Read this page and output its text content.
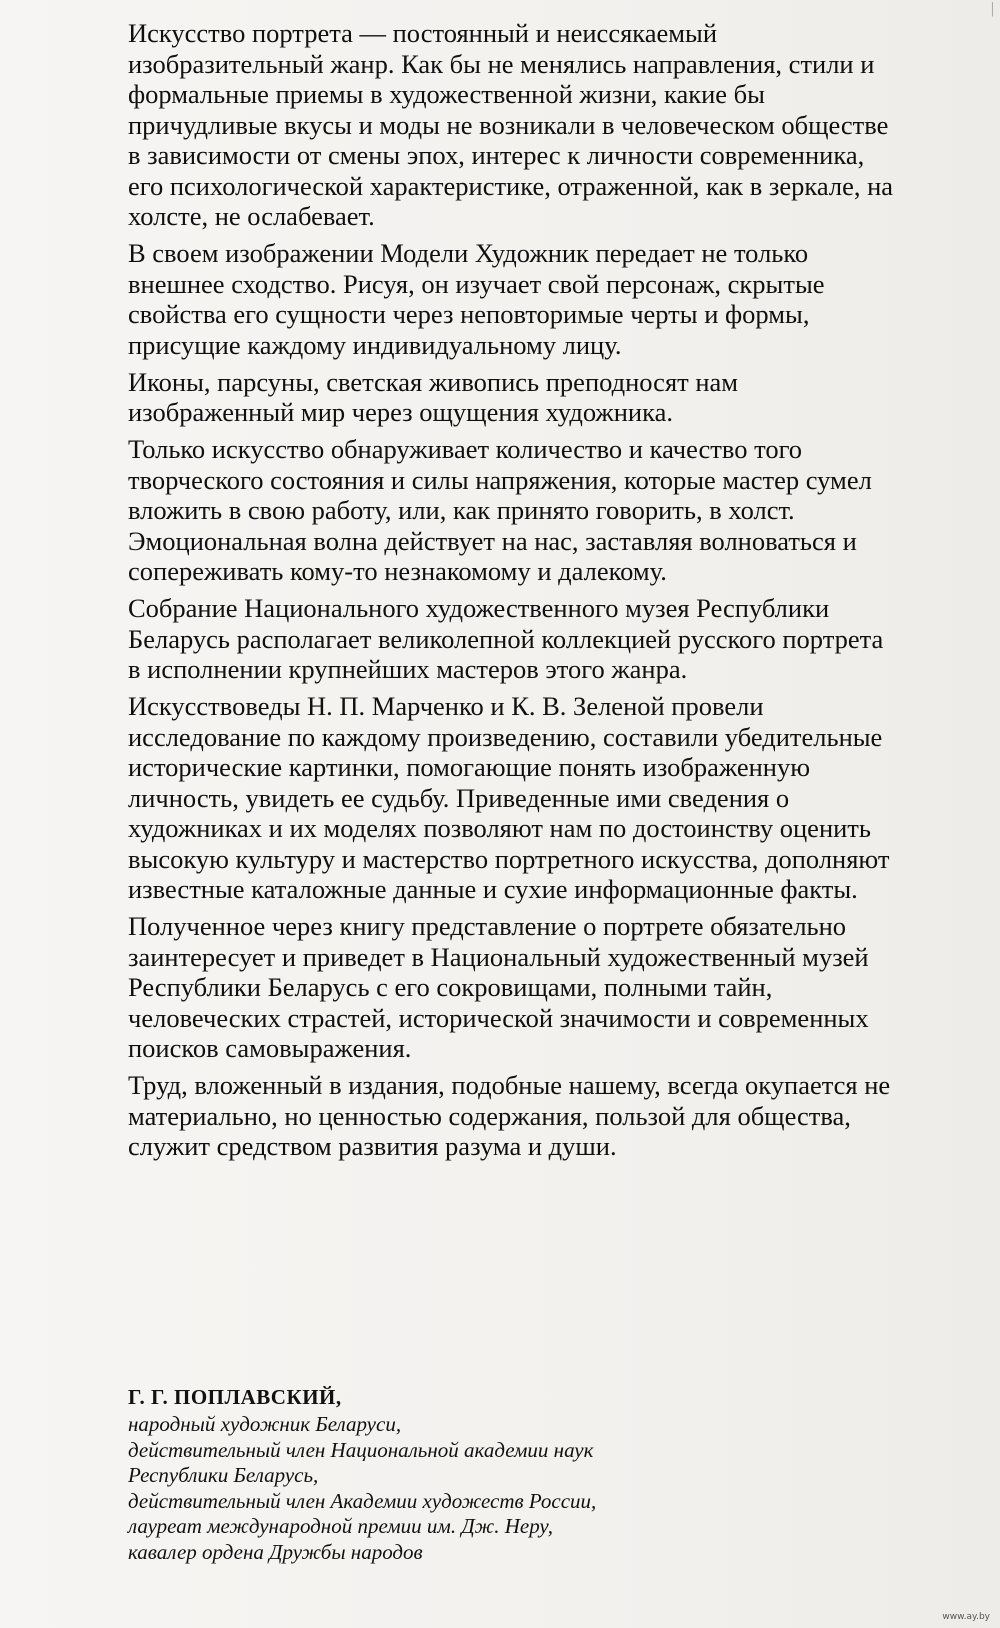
|

Искусство портрета — постоянный и неиссякаемый изобразительный жанр. Как бы не менялись направления, стили и формальные приемы в художественной жизни, какие бы причудливые вкусы и моды не возникали в человеческом обществе в зависимости от смены эпох, интерес к личности современника, его психологической характеристике, отраженной, как в зеркале, на холсте, не ослабевает.

В своем изображении Модели Художник передает не только внешнее сходство. Рисуя, он изучает свой персонаж, скрытые свойства его сущности через неповторимые черты и формы, присущие каждому индивидуальному лицу.

Иконы, парсуны, светская живопись преподносят нам изображенный мир через ощущения художника.

Только искусство обнаруживает количество и качество того творческого состояния и силы напряжения, которые мастер сумел вложить в свою работу, или, как принято говорить, в холст. Эмоциональная волна действует на нас, заставляя волноваться и сопереживать кому-то незнакомому и далекому.

Собрание Национального художественного музея Республики Беларусь располагает великолепной коллекцией русского портрета в исполнении крупнейших мастеров этого жанра.

Искусствоведы Н. П. Марченко и К. В. Зеленой провели исследование по каждому произведению, составили убедительные исторические картинки, помогающие понять изображенную личность, увидеть ее судьбу. Приведенные ими сведения о художниках и их моделях позволяют нам по достоинству оценить высокую культуру и мастерство портретного искусства, дополняют известные каталожные данные и сухие информационные факты.

Полученное через книгу представление о портрете обязательно заинтересует и приведет в Национальный художественный музей Республики Беларусь с его сокровищами, полными тайн, человеческих страстей, исторической значимости и современных поисков самовыражения.

Труд, вложенный в издания, подобные нашему, всегда окупается не материально, но ценностью содержания, пользой для общества, служит средством развития разума и души.

Г. Г. ПОПЛАВСКИЙ,

народный художник Беларуси,

действительный член Национальной академии наук

Республики Беларусь,

действительный член Академии художеств России,

лауреат международной премии им. Дж. Неру,

кавалер ордена Дружбы народов

www.ay.by
